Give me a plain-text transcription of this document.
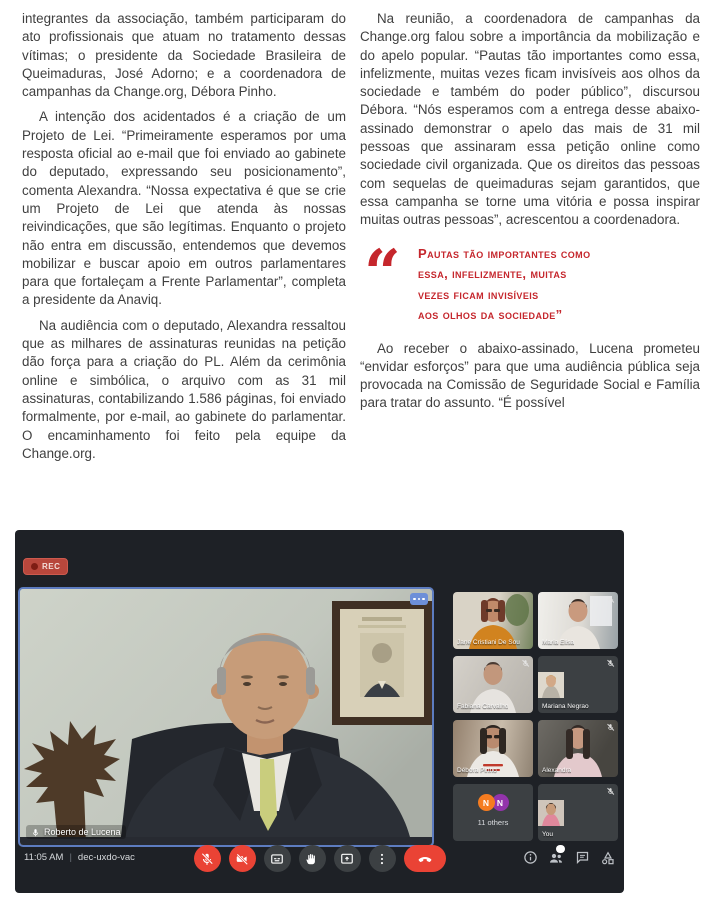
integrantes da associação, também participaram do ato profissionais que atuam no tratamento dessas vítimas; o presidente da Sociedade Brasileira de Queimaduras, José Adorno; e a coordenadora de campanhas da Change.org, Débora Pinho.

A intenção dos acidentados é a criação de um Projeto de Lei. “Primeiramente esperamos por uma resposta oficial ao e-mail que foi enviado ao gabinete do deputado, expressando seu posicionamento”, comenta Alexandra. “Nossa expectativa é que se crie um Projeto de Lei que atenda às nossas reivindicações, que são legítimas. Enquanto o projeto não entra em discussão, entendemos que devemos mobilizar e buscar apoio em outros parlamentares para que fortaleçam a Frente Parlamentar”, completa a presidente da Anaviq.

Na audiência com o deputado, Alexandra ressaltou que as milhares de assinaturas reunidas na petição dão força para a criação do PL. Além da cerimônia online e simbólica, o arquivo com as 31 mil assinaturas, contabilizando 1.586 páginas, foi enviado formalmente, por e-mail, ao gabinete do parlamentar. O encaminhamento foi feito pela equipe da Change.org.

Na reunião, a coordenadora de campanhas da Change.org falou sobre a importância da mobilização e do apelo popular. “Pautas tão importantes como essa, infelizmente, muitas vezes ficam invisíveis aos olhos da sociedade e também do poder público”, discursou Débora. “Nós esperamos com a entrega desse abaixo-assinado demonstrar o apelo das mais de 31 mil pessoas que assinaram essa petição online como sociedade civil organizada. Que os direitos das pessoas com sequelas de queimaduras sejam garantidos, que essa campanha se torne uma vitória e possa inspirar muitas outras pessoas”, acrescentou a coordenadora.

“	Pautas tão importantes como
essa, infelizmente, muitas
vezes ficam invisíveis
aos olhos da sociedade”

Ao receber o abaixo-assinado, Lucena prometeu “envidar esforços” para que uma audiência pública seja provocada na Comissão de Seguridade Social e Família para tratar do assunto. “É possível

REC
Roberto de Lucena
Jane Cristiani De Sou	Maria Elisa
Fabiana Carvalho	Mariana Negrao
Débora Pinho	Alexandra
N N
11 others
You
11:05 AM | dec-uxdo-vac
